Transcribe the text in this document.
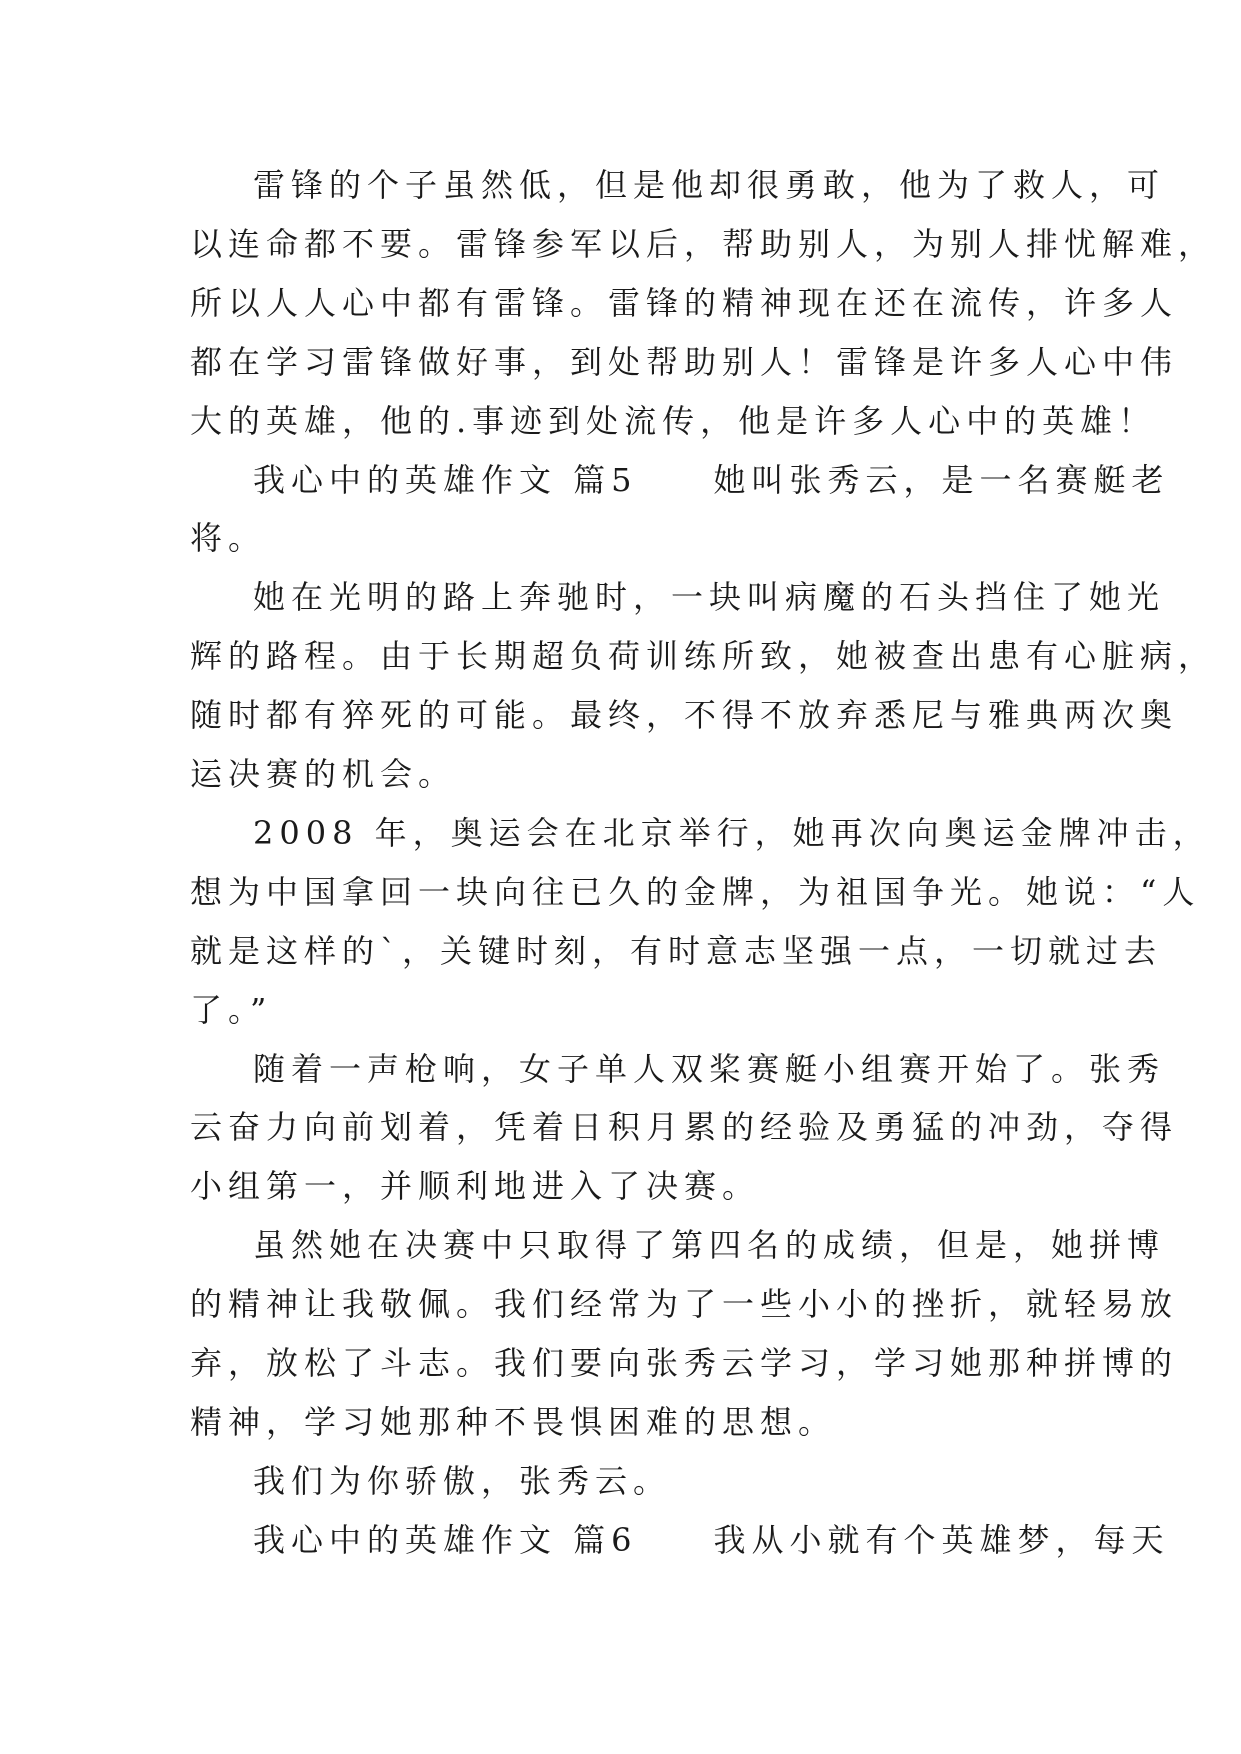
雷锋的个子虽然低，但是他却很勇敢，他为了救人，可

以连命都不要。雷锋参军以后，帮助别人，为别人排忧解难，

所以人人心中都有雷锋。雷锋的精神现在还在流传，许多人

都在学习雷锋做好事，到处帮助别人！雷锋是许多人心中伟

大的英雄，他的.事迹到处流传，他是许多人心中的英雄！

我心中的英雄作文 篇5　　她叫张秀云，是一名赛艇老

将。

她在光明的路上奔驰时，一块叫病魔的石头挡住了她光

辉的路程。由于长期超负荷训练所致，她被查出患有心脏病，

随时都有猝死的可能。最终，不得不放弃悉尼与雅典两次奥

运决赛的机会。

2008 年，奥运会在北京举行，她再次向奥运金牌冲击，

想为中国拿回一块向往已久的金牌，为祖国争光。她说：“人

就是这样的`，关键时刻，有时意志坚强一点，一切就过去

了。”

随着一声枪响，女子单人双桨赛艇小组赛开始了。张秀

云奋力向前划着，凭着日积月累的经验及勇猛的冲劲，夺得

小组第一，并顺利地进入了决赛。

虽然她在决赛中只取得了第四名的成绩，但是，她拼博

的精神让我敬佩。我们经常为了一些小小的挫折，就轻易放

弃，放松了斗志。我们要向张秀云学习，学习她那种拼博的

精神，学习她那种不畏惧困难的思想。

我们为你骄傲，张秀云。

我心中的英雄作文 篇6　　我从小就有个英雄梦，每天
